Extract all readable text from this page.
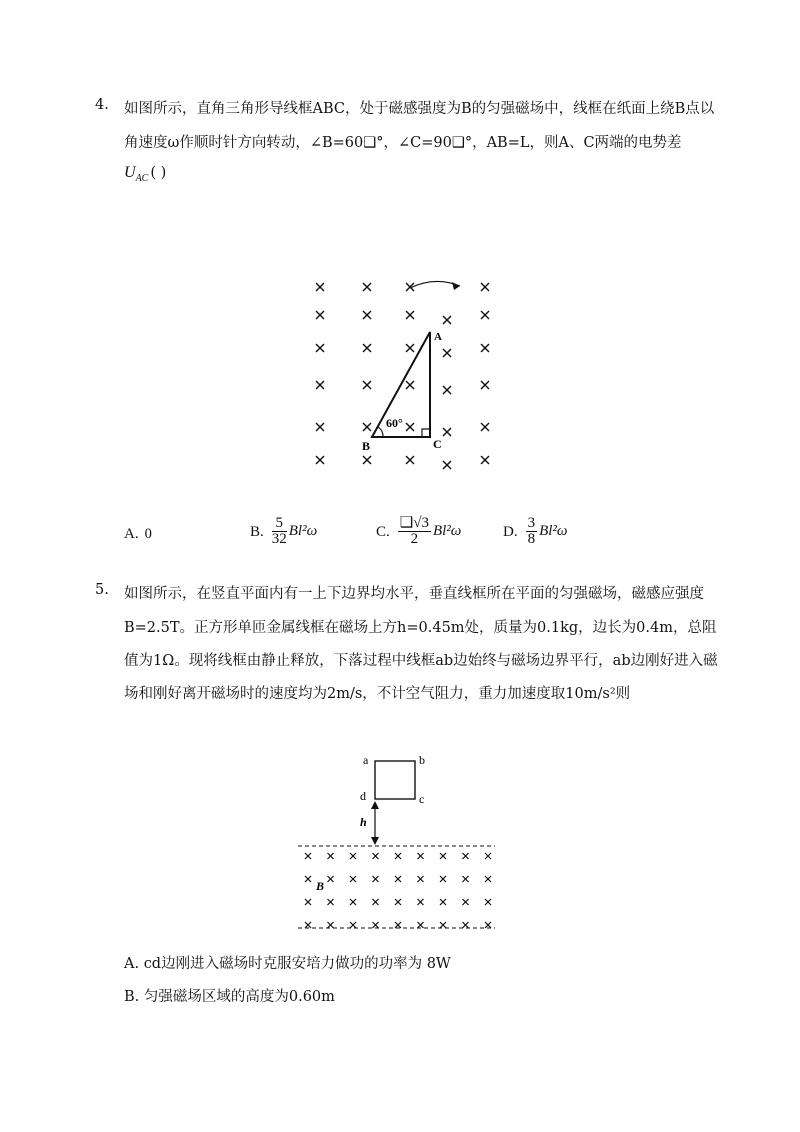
4. 如图所示，直角三角形导线框ABC，处于磁感强度为B的匀强磁场中，线框在纸面上绕B点以
角速度ω作顺时针方向转动，∠B=60❑°，∠C=90❑°，AB=L，则A、C两端的电势差
$U_{AC}$ ( )
A
B	C
60°
A. 0	B. $\frac{5}{32} Bl^2\omega$	C. $\frac{❑√3}{2} Bl^2\omega$	D. $\frac{3}{8} Bl^2\omega$
5. 如图所示，在竖直平面内有一上下边界均水平，垂直线框所在平面的匀强磁场，磁感应强度
B=2.5T。正方形单匝金属线框在磁场上方h=0.45m处，质量为0.1kg，边长为0.4m，总阻
值为1Ω。现将线框由静止释放，下落过程中线框ab边始终与磁场边界平行，ab边刚好进入磁
场和刚好离开磁场时的速度均为2m/s，不计空气阻力，重力加速度取10m/s²则
a	b
c
d
h
B
A. cd边刚进入磁场时克服安培力做功的功率为 8W
B. 匀强磁场区域的高度为0.60m
